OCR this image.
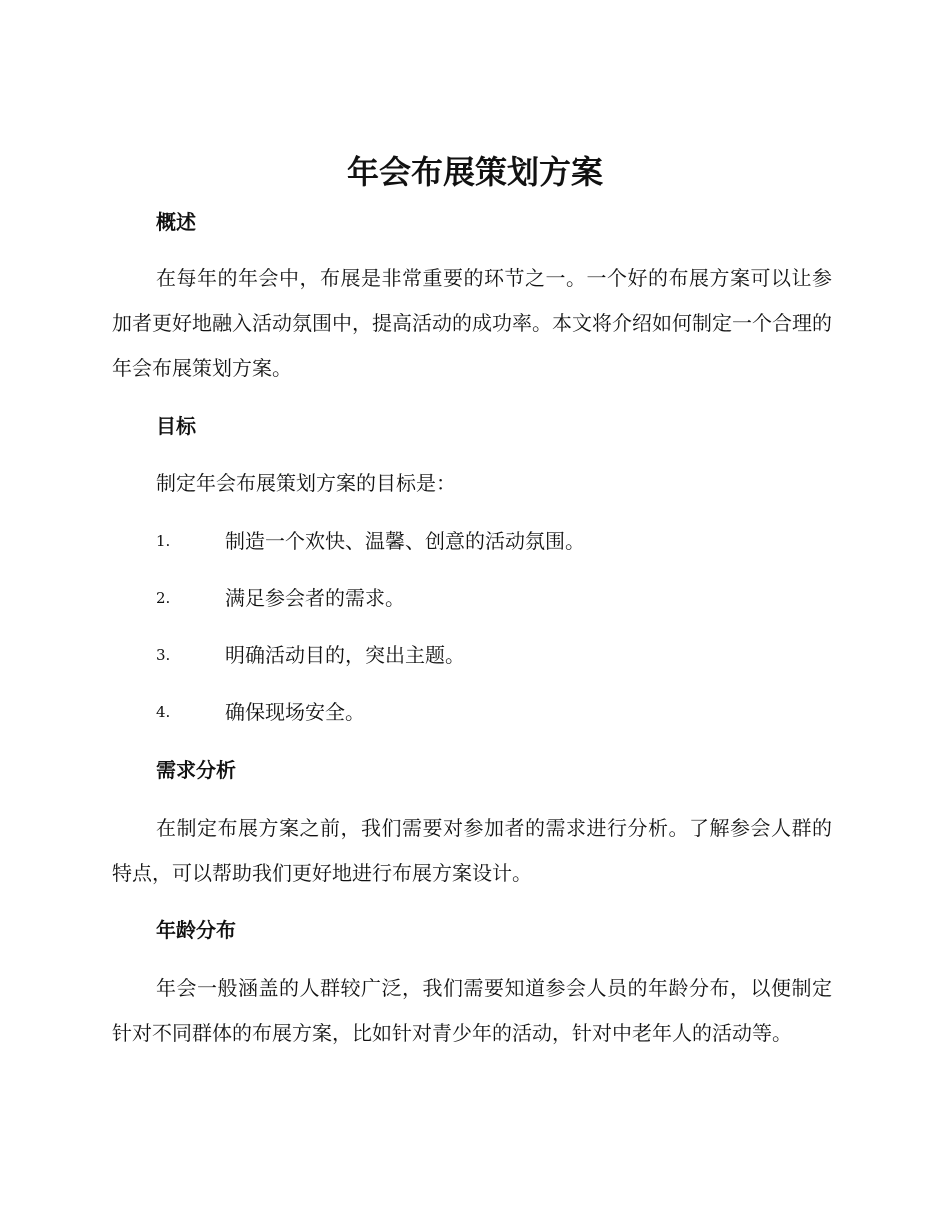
年会布展策划方案
概述

在每年的年会中，布展是非常重要的环节之一。一个好的布展方案可以让参加者更好地融入活动氛围中，提高活动的成功率。本文将介绍如何制定一个合理的年会布展策划方案。

目标

制定年会布展策划方案的目标是：

1.	制造一个欢快、温馨、创意的活动氛围。
2.	满足参会者的需求。
3.	明确活动目的，突出主题。
4.	确保现场安全。
需求分析

在制定布展方案之前，我们需要对参加者的需求进行分析。了解参会人群的特点，可以帮助我们更好地进行布展方案设计。

年龄分布

年会一般涵盖的人群较广泛，我们需要知道参会人员的年龄分布，以便制定针对不同群体的布展方案，比如针对青少年的活动，针对中老年人的活动等。
